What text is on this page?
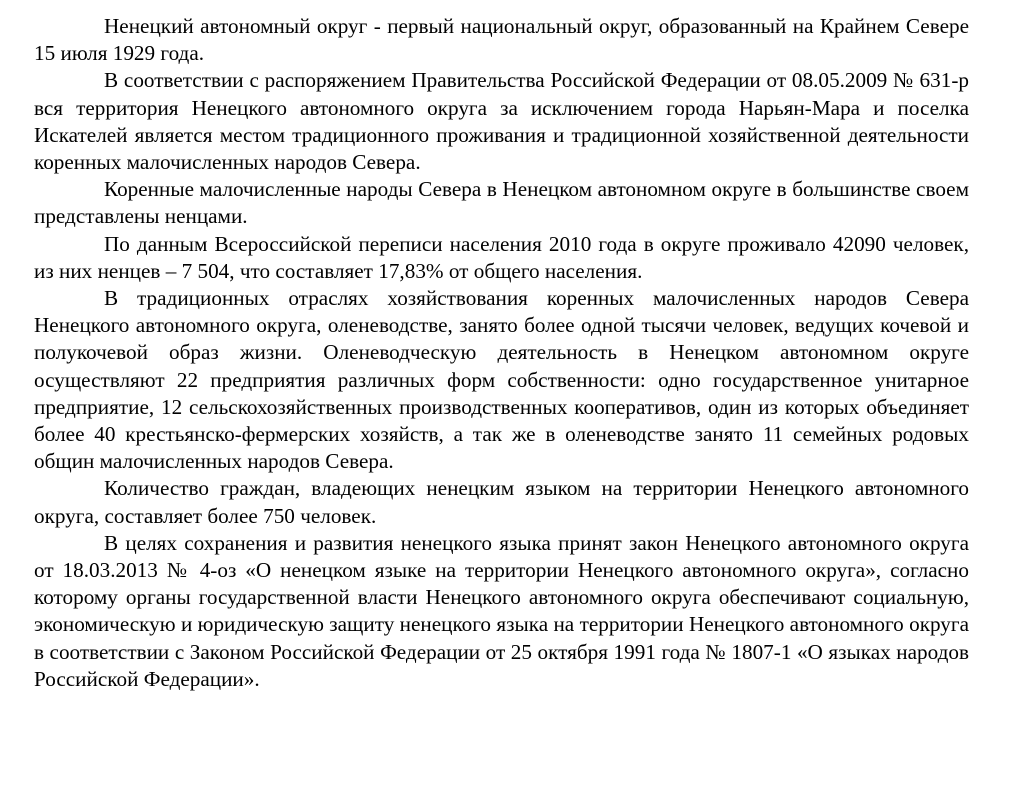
Ненецкий автономный округ - первый национальный округ, образованный на Крайнем Севере 15 июля 1929 года.

В соответствии с распоряжением Правительства Российской Федерации от 08.05.2009 № 631-р вся территория Ненецкого автономного округа за исключением города Нарьян-Мара и поселка Искателей является местом традиционного проживания и традиционной хозяйственной деятельности коренных малочисленных народов Севера.

Коренные малочисленные народы Севера в Ненецком автономном округе в большинстве своем представлены ненцами.

По данным Всероссийской переписи населения 2010 года в округе проживало 42090 человек, из них ненцев – 7 504, что составляет 17,83% от общего населения.

В традиционных отраслях хозяйствования коренных малочисленных народов Севера Ненецкого автономного округа, оленеводстве, занято более одной тысячи человек, ведущих кочевой и полукочевой образ жизни. Оленеводческую деятельность в Ненецком автономном округе осуществляют 22 предприятия различных форм собственности: одно государственное унитарное предприятие, 12 сельскохозяйственных производственных кооперативов, один из которых объединяет более 40 крестьянско-фермерских хозяйств, а так же в оленеводстве занято 11 семейных родовых общин малочисленных народов Севера.

Количество граждан, владеющих ненецким языком на территории Ненецкого автономного округа, составляет более 750 человек.

В целях сохранения и развития ненецкого языка принят закон Ненецкого автономного округа от 18.03.2013 № 4-оз «О ненецком языке на территории Ненецкого автономного округа», согласно которому органы государственной власти Ненецкого автономного округа обеспечивают социальную, экономическую и юридическую защиту ненецкого языка на территории Ненецкого автономного округа в соответствии с Законом Российской Федерации от 25 октября 1991 года № 1807-1 «О языках народов Российской Федерации».
